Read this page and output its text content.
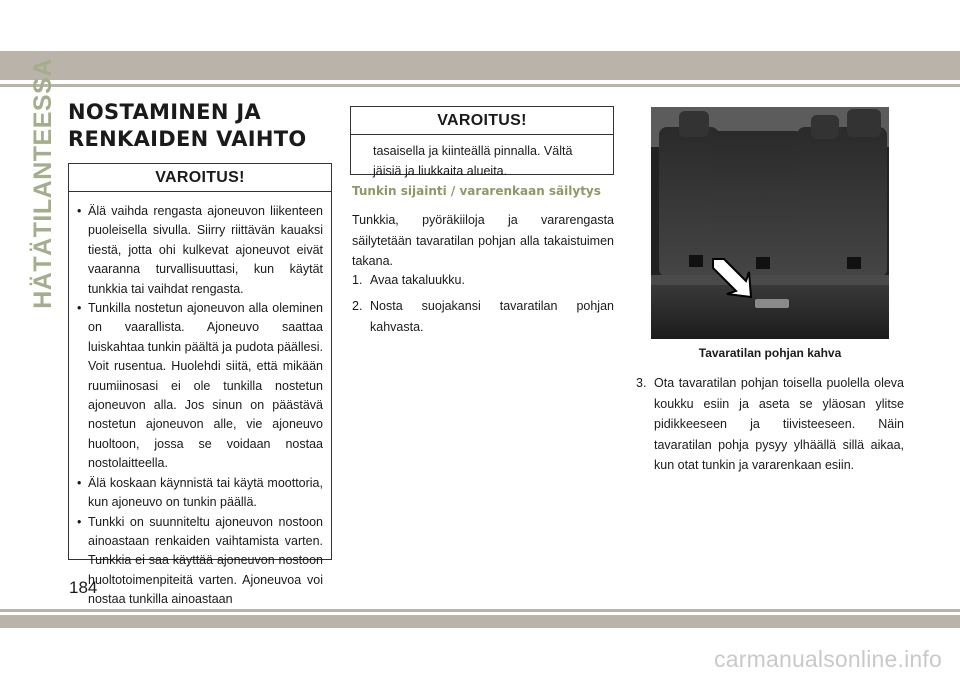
HÄTÄTILANTEESSA NOSTAMINEN JA
RENKAIDEN VAIHTO
VAROITUS!
• Älä vaihda rengasta ajoneuvon liikenteen puoleisella sivulla. Siirry riittävän kauaksi tiestä, jotta ohi kulkevat ajoneuvot eivät vaaranna turvallisuuttasi, kun käytät tunkkia tai vaihdat rengasta.
• Tunkilla nostetun ajoneuvon alla oleminen on vaarallista. Ajoneuvo saattaa luiskahtaa tunkin päältä ja pudota päällesi. Voit rusentua. Huolehdi siitä, että mikään ruumiinosasi ei ole tunkilla nostetun ajoneuvon alla. Jos sinun on päästävä nostetun ajoneuvon alle, vie ajoneuvo huoltoon, jossa se voidaan nostaa nostolaitteella.
• Älä koskaan käynnistä tai käytä moottoria, kun ajoneuvo on tunkin päällä.
• Tunkki on suunniteltu ajoneuvon nostoon ainoastaan renkaiden vaihtamista varten. Tunkkia ei saa käyttää ajoneuvon nostoon huoltotoimenpiteitä varten. Ajoneuvoa voi nostaa tunkilla ainoastaan
VAROITUS!
tasaisella ja kiinteällä pinnalla. Vältä jäisiä ja liukkaita alueita.
Tunkin sijainti / vararenkaan säilytys

Tunkkia, pyöräkiiloja ja vararengasta säilytetään tavaratilan pohjan alla takaistuimen takana.

1. Avaa takaluukku.
2. Nosta suojakansi tavaratilan pohjan kahvasta.

Tavaratilan pohjan kahva

3. Ota tavaratilan pohjan toisella puolella oleva koukku esiin ja aseta se yläosan ylitse pidikkeeseen ja tiivisteeseen. Näin tavaratilan pohja pysyy ylhäällä sillä aikaa, kun otat tunkin ja vararenkaan esiin.

184

carmanualsonline.info
